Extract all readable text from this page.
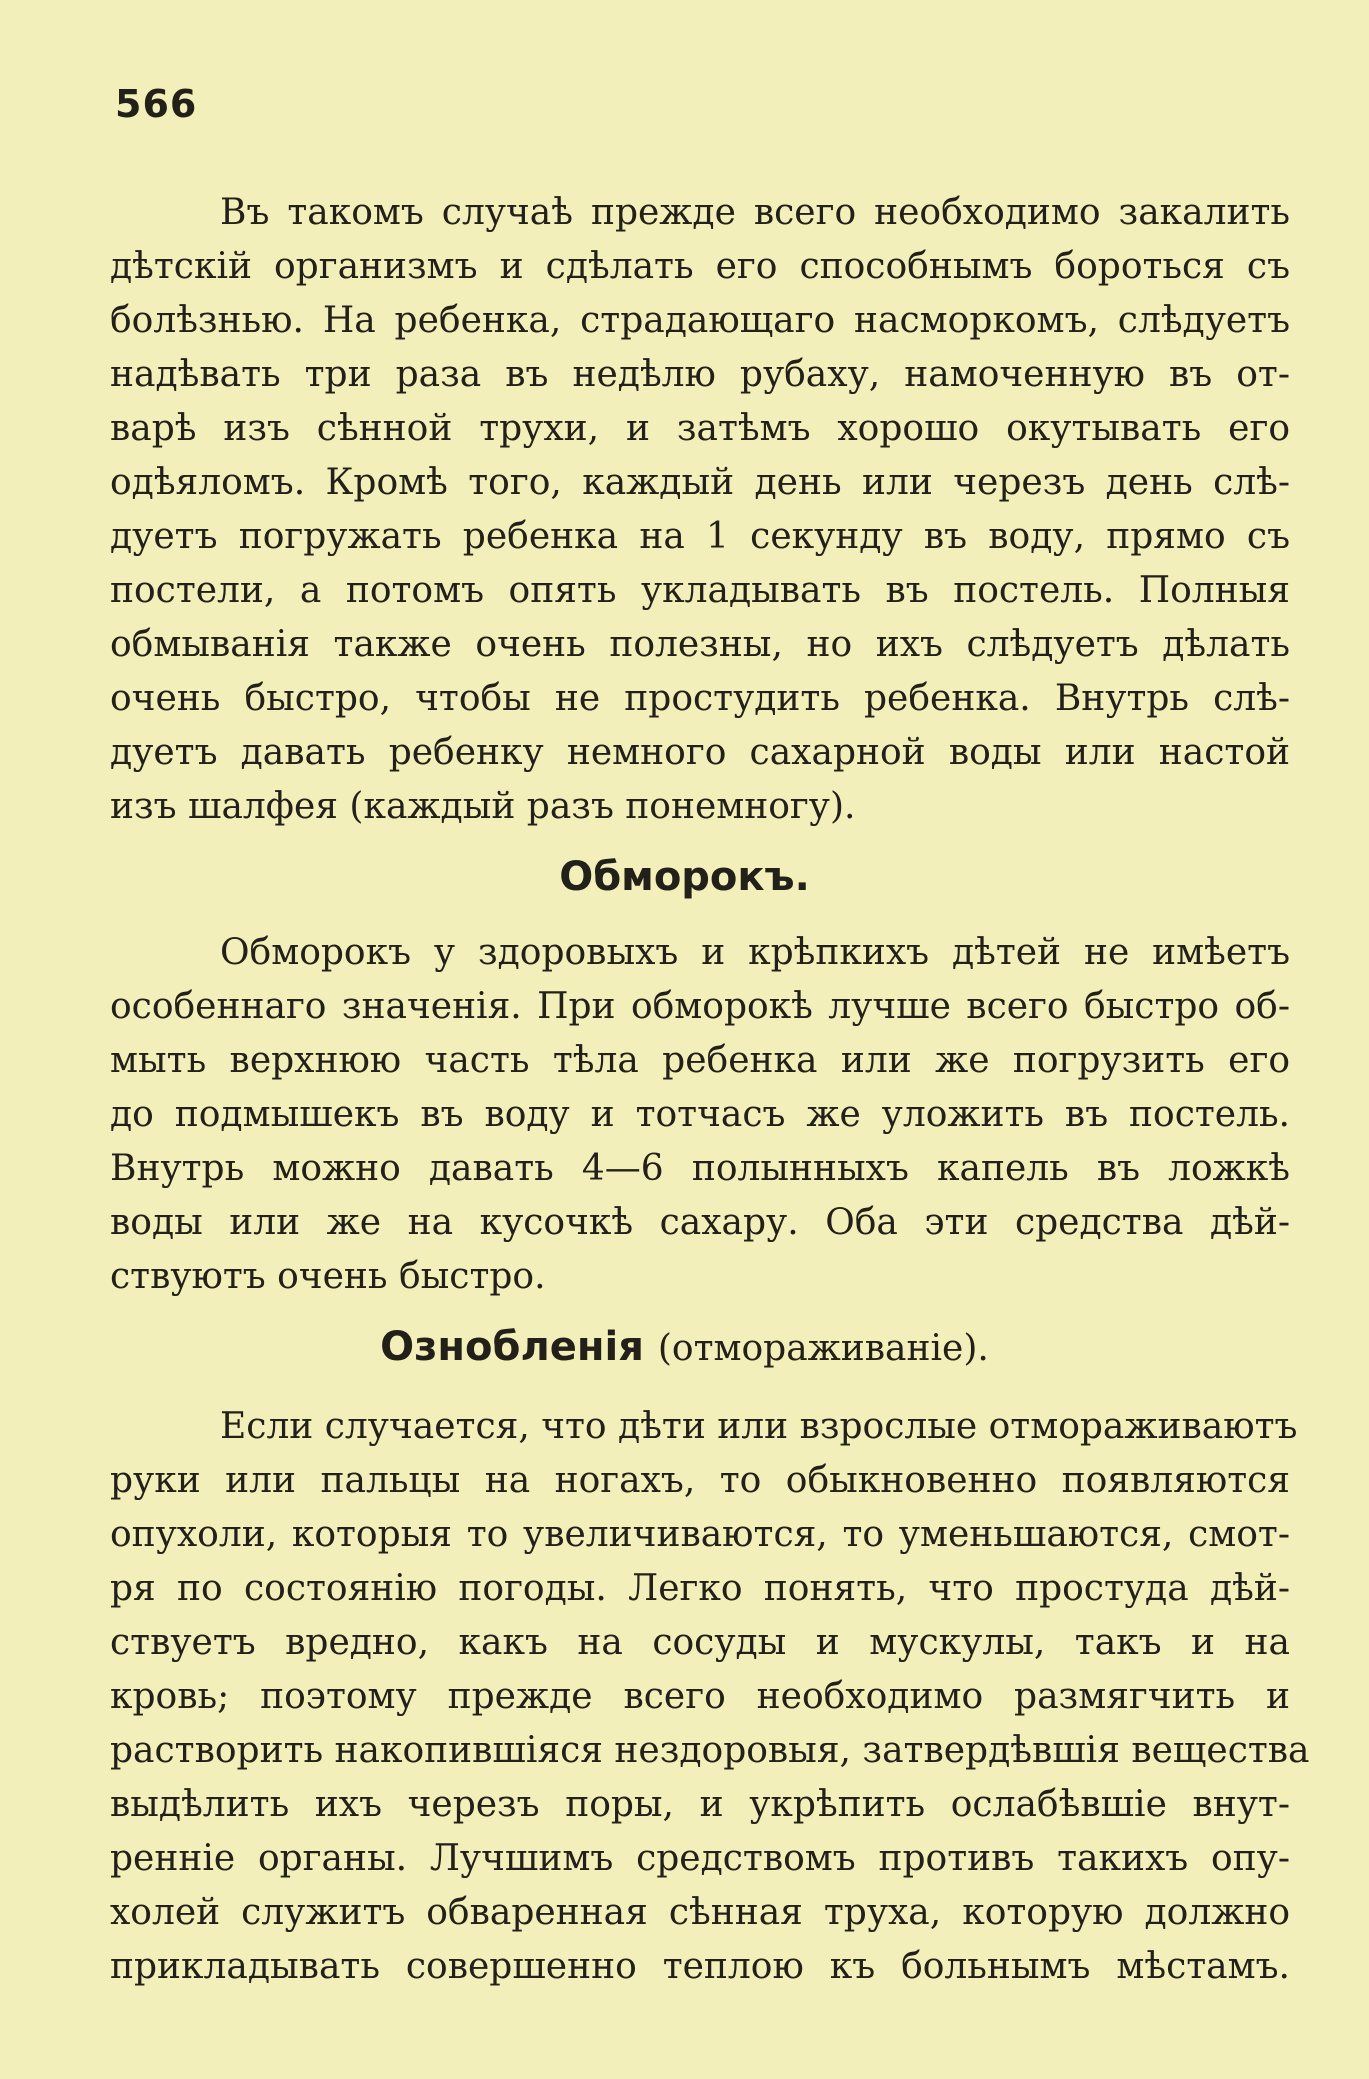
566
Въ такомъ случаѣ прежде всего необходимо закалить
дѣтскій организмъ и сдѣлать его способнымъ бороться съ
болѣзнью. На ребенка, страдающаго насморкомъ, слѣдуетъ
надѣвать три раза въ недѣлю рубаху, намоченную въ от-
варѣ изъ сѣнной трухи, и затѣмъ хорошо окутывать его
одѣяломъ. Кромѣ того, каждый день или черезъ день слѣ-
дуетъ погружать ребенка на 1 секунду въ воду, прямо съ
постели, а потомъ опять укладывать въ постель. Полныя
обмыванія также очень полезны, но ихъ слѣдуетъ дѣлать
очень быстро, чтобы не простудить ребенка. Внутрь слѣ-
дуетъ давать ребенку немного сахарной воды или настой
изъ шалфея (каждый разъ понемногу).
Обморокъ.
Обморокъ у здоровыхъ и крѣпкихъ дѣтей не имѣетъ
особеннаго значенія. При обморокѣ лучше всего быстро об-
мыть верхнюю часть тѣла ребенка или же погрузить его
до подмышекъ въ воду и тотчасъ же уложить въ постель.
Внутрь можно давать 4—6 полынныхъ капель въ ложкѣ
воды или же на кусочкѣ сахару. Оба эти средства дѣй-
ствуютъ очень быстро.
Ознобленія (отмораживаніе).
Если случается, что дѣти или взрослые отмораживаютъ
руки или пальцы на ногахъ, то обыкновенно появляются
опухоли, которыя то увеличиваются, то уменьшаются, смот-
ря по состоянію погоды. Легко понять, что простуда дѣй-
ствуетъ вредно, какъ на сосуды и мускулы, такъ и на
кровь; поэтому прежде всего необходимо размягчить и
растворить накопившіяся нездоровыя, затвердѣвшія вещества
выдѣлить ихъ черезъ поры, и укрѣпить ослабѣвшіе внут-
ренніе органы. Лучшимъ средствомъ противъ такихъ опу-
холей служитъ обваренная сѣнная труха, которую должно
прикладывать совершенно теплою къ больнымъ мѣстамъ.
